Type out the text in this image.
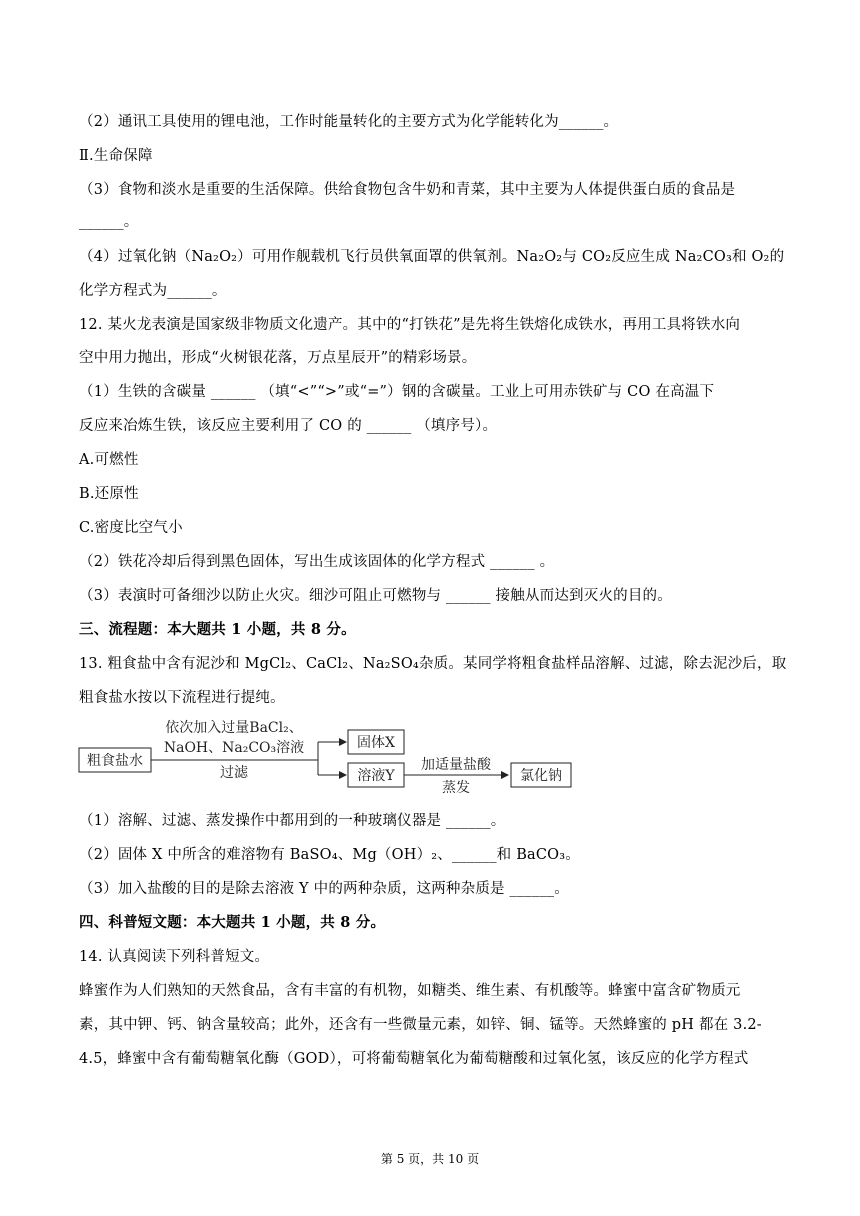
（2）通讯工具使用的锂电池，工作时能量转化的主要方式为化学能转化为______。
Ⅱ.生命保障
（3）食物和淡水是重要的生活保障。供给食物包含牛奶和青菜，其中主要为人体提供蛋白质的食品是
______。
（4）过氧化钠（Na₂O₂）可用作舰载机飞行员供氧面罩的供氧剂。Na₂O₂与 CO₂反应生成 Na₂CO₃和 O₂的
化学方程式为______。
12. 某火龙表演是国家级非物质文化遗产。其中的“打铁花”是先将生铁熔化成铁水，再用工具将铁水向
空中用力抛出，形成“火树银花落，万点星辰开”的精彩场景。
（1）生铁的含碳量 ______ （填“<”“>”或“=”）钢的含碳量。工业上可用赤铁矿与 CO 在高温下
反应来冶炼生铁，该反应主要利用了 CO 的 ______ （填序号）。
A.可燃性
B.还原性
C.密度比空气小
（2）铁花冷却后得到黑色固体，写出生成该固体的化学方程式 ______ 。
（3）表演时可备细沙以防止火灾。细沙可阻止可燃物与 ______ 接触从而达到灭火的目的。
三、流程题：本大题共 1 小题，共 8 分。
13. 粗食盐中含有泥沙和 MgCl₂、CaCl₂、Na₂SO₄杂质。某同学将粗食盐样品溶解、过滤，除去泥沙后，取
粗食盐水按以下流程进行提纯。
粗食盐水
依次加入过量BaCl₂、
NaOH、Na₂CO₃溶液
过滤
固体X
溶液Y
加适量盐酸
蒸发
氯化钠
（1）溶解、过滤、蒸发操作中都用到的一种玻璃仪器是 ______。
（2）固体 X 中所含的难溶物有 BaSO₄、Mg（OH）₂、______和 BaCO₃。
（3）加入盐酸的目的是除去溶液 Y 中的两种杂质，这两种杂质是 ______。
四、科普短文题：本大题共 1 小题，共 8 分。
14. 认真阅读下列科普短文。
蜂蜜作为人们熟知的天然食品，含有丰富的有机物，如糖类、维生素、有机酸等。蜂蜜中富含矿物质元
素，其中钾、钙、钠含量较高；此外，还含有一些微量元素，如锌、铜、锰等。天然蜂蜜的 pH 都在 3.2-
4.5，蜂蜜中含有葡萄糖氧化酶（GOD），可将葡萄糖氧化为葡萄糖酸和过氧化氢，该反应的化学方程式
第 5 页，共 10 页
